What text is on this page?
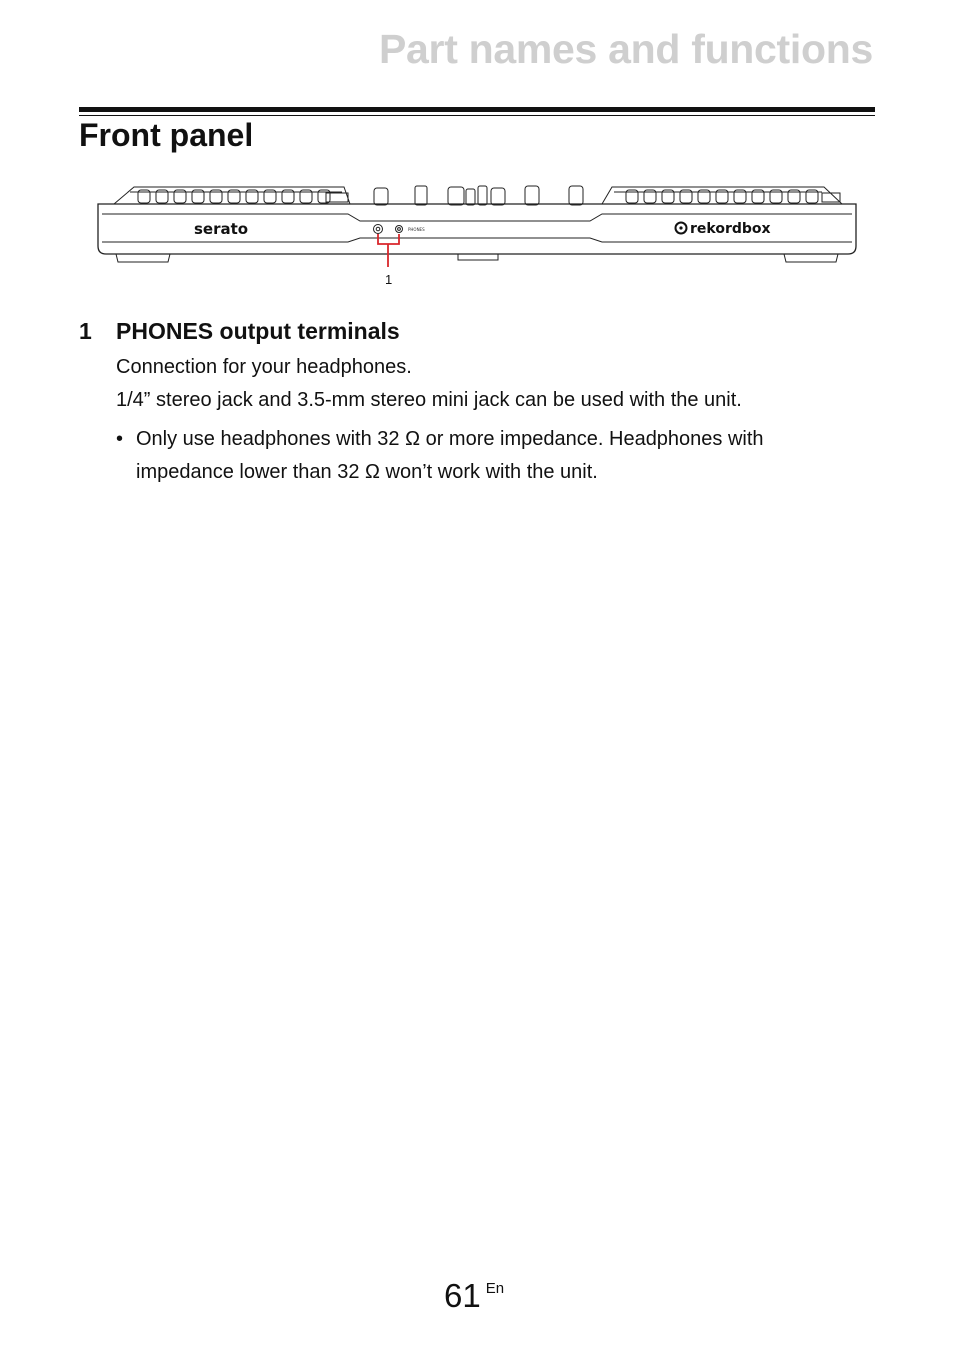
Part names and functions
Front panel
serato	rekordbox
PHONES
1
1 PHONES output terminals

Connection for your headphones.

1/4” stereo jack and 3.5-mm stereo mini jack can be used with the unit.

• Only use headphones with 32 Ω or more impedance. Headphones with impedance lower than 32 Ω won’t work with the unit.
61 En
